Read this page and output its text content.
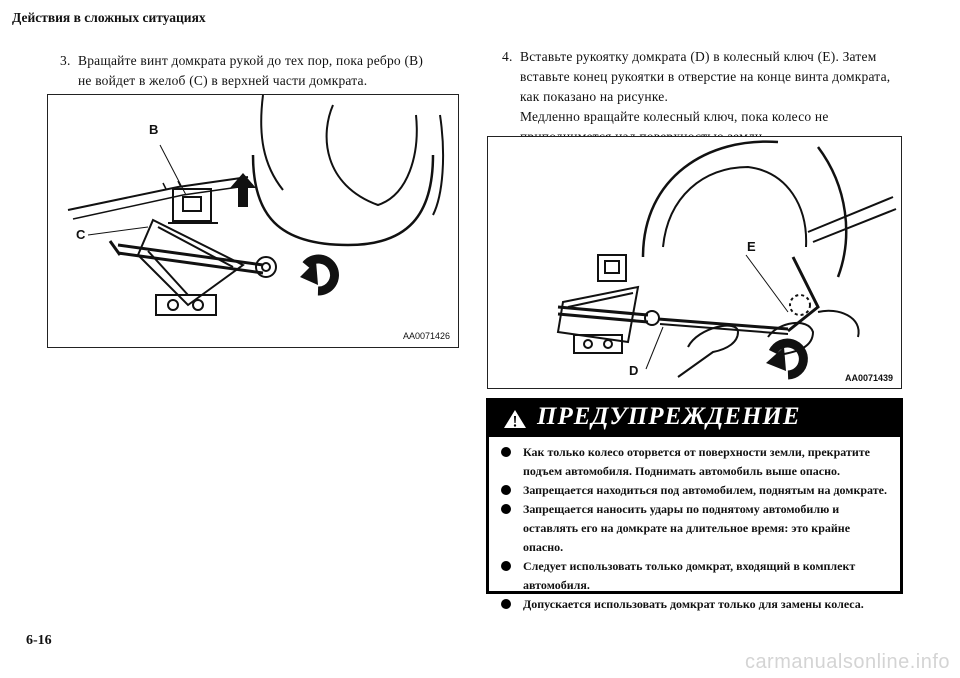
Действия в сложных ситуациях
3. Вращайте винт домкрата рукой до тех пор, пока ребро (B)
не войдет в желоб (C) в верхней части домкрата.
4. Вставьте рукоятку домкрата (D) в колесный ключ (E). Затем
вставьте конец рукоятки в отверстие на конце винта домкрата,
как показано на рисунке.
Медленно вращайте колесный ключ, пока колесо не
B
C
AA0071426
E
D	AA0071439
ПРЕДУПРЕЖДЕНИЕ
Как только колесо оторвется от поверхности земли, прекратите подъем автомобиля. Поднимать автомобиль выше опасно.
Запрещается находиться под автомобилем, поднятым на домкрате.
Запрещается наносить удары по поднятому автомобилю и оставлять его на домкрате на длительное время: это крайне опасно.
Следует использовать только домкрат, входящий в комплект автомобиля.
Допускается использовать домкрат только для замены колеса.
6-16
carmanualsonline.info
